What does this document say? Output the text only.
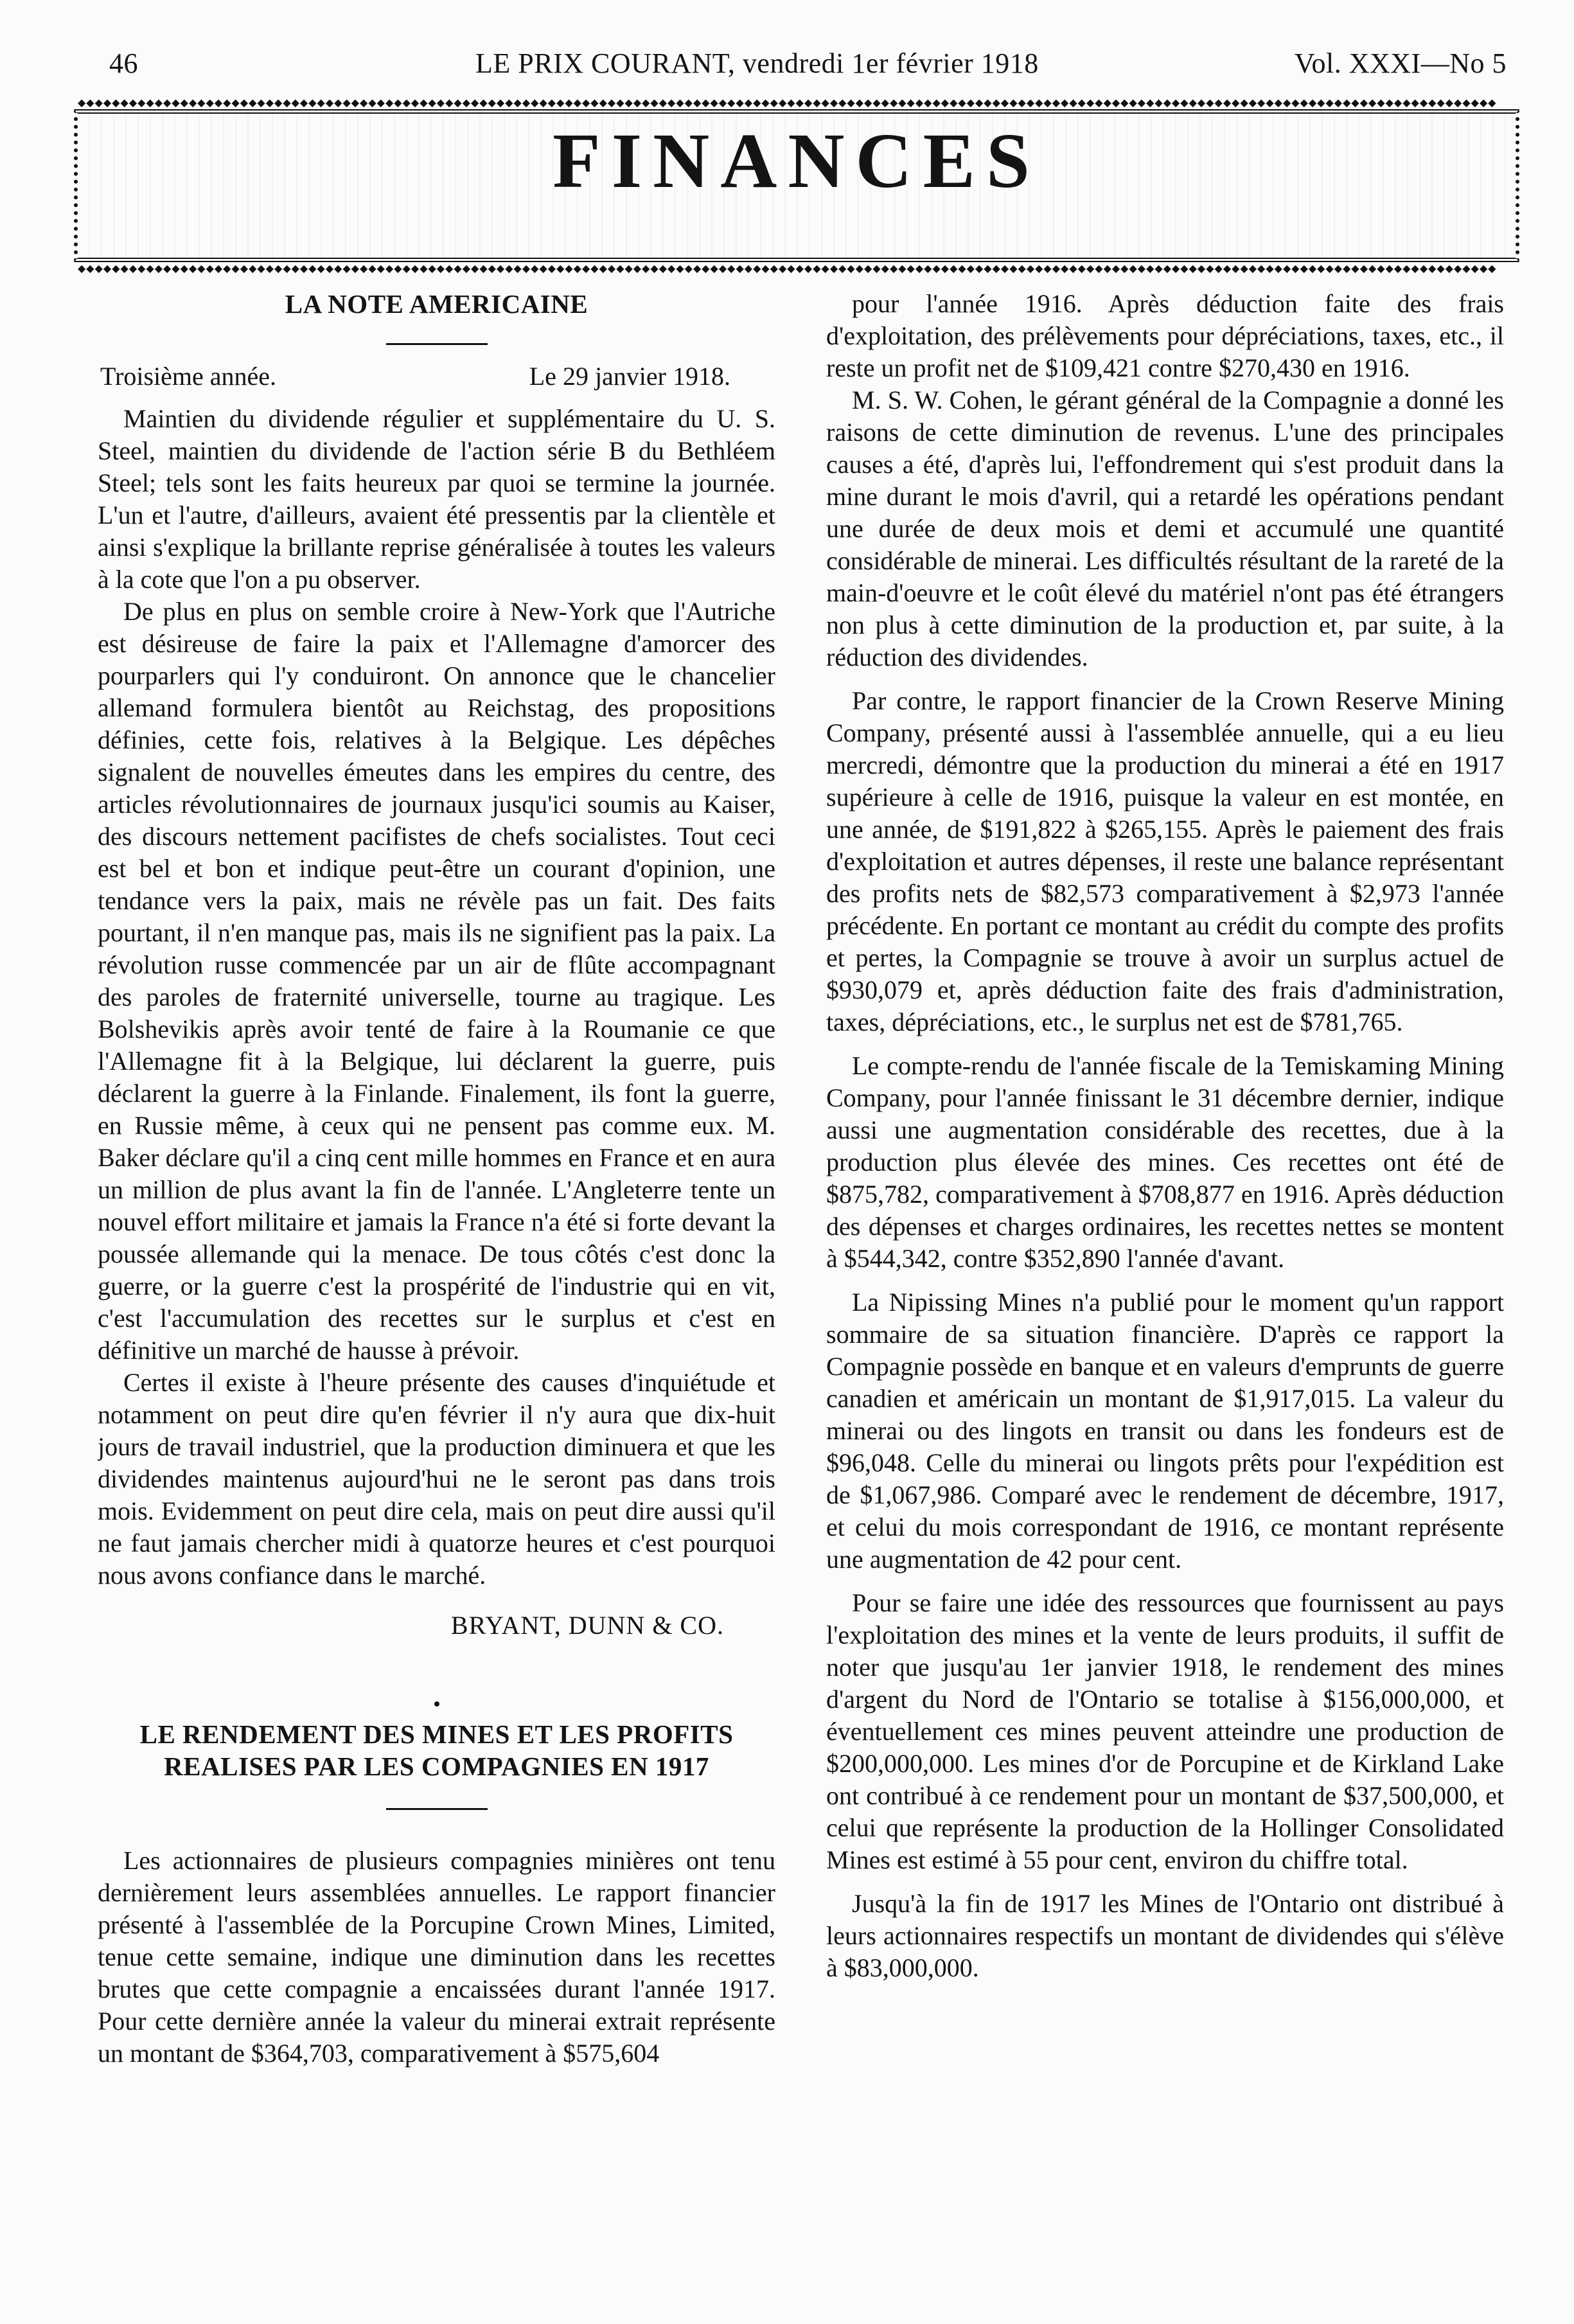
46	LE PRIX COURANT, vendredi 1er février 1918	Vol. XXXI—No 5
◆◆◆◆◆◆◆◆◆◆◆◆◆◆◆◆◆◆◆◆◆◆◆◆◆◆◆◆◆◆◆◆◆◆◆◆◆◆◆◆◆◆◆◆◆◆◆◆◆◆◆◆◆◆◆◆◆◆◆◆◆◆◆◆◆◆◆◆◆◆◆◆◆◆◆◆◆◆◆◆◆◆◆◆◆◆◆◆◆◆◆◆◆◆◆◆◆◆◆◆◆◆◆◆◆◆◆◆◆◆◆◆◆◆◆◆◆◆◆◆◆◆◆◆◆◆◆◆◆◆◆◆◆◆◆◆◆◆◆◆◆◆◆◆◆◆◆◆◆◆◆◆◆◆◆◆◆◆◆◆◆◆◆◆◆◆
FINANCES
◆◆◆◆◆◆◆◆◆◆◆◆◆◆◆◆◆◆◆◆◆◆◆◆◆◆◆◆◆◆◆◆◆◆◆◆◆◆◆◆◆◆◆◆◆◆◆◆◆◆◆◆◆◆◆◆◆◆◆◆◆◆◆◆◆◆◆◆◆◆◆◆◆◆◆◆◆◆◆◆◆◆◆◆◆◆◆◆◆◆◆◆◆◆◆◆◆◆◆◆◆◆◆◆◆◆◆◆◆◆◆◆◆◆◆◆◆◆◆◆◆◆◆◆◆◆◆◆◆◆◆◆◆◆◆◆◆◆◆◆◆◆◆◆◆◆◆◆◆◆◆◆◆◆◆◆◆◆◆◆◆◆◆◆◆◆
LA NOTE AMERICAINE
Troisième année.	Le 29 janvier 1918.

Maintien du dividende régulier et supplémentaire du U. S. Steel, maintien du dividende de l'action série B du Bethléem Steel; tels sont les faits heureux par quoi se termine la journée. L'un et l'autre, d'ailleurs, avaient été pressentis par la clientèle et ainsi s'explique la brillante reprise généralisée à toutes les valeurs à la cote que l'on a pu observer.

De plus en plus on semble croire à New-York que l'Autriche est désireuse de faire la paix et l'Allemagne d'amorcer des pourparlers qui l'y conduiront. On annonce que le chancelier allemand formulera bientôt au Reichstag, des propositions définies, cette fois, relatives à la Belgique. Les dépêches signalent de nouvelles émeutes dans les empires du centre, des articles révolutionnaires de journaux jusqu'ici soumis au Kaiser, des discours nettement pacifistes de chefs socialistes. Tout ceci est bel et bon et indique peut-être un courant d'opinion, une tendance vers la paix, mais ne révèle pas un fait. Des faits pourtant, il n'en manque pas, mais ils ne signifient pas la paix. La révolution russe commencée par un air de flûte accompagnant des paroles de fraternité universelle, tourne au tragique. Les Bolshevikis après avoir tenté de faire à la Roumanie ce que l'Allemagne fit à la Belgique, lui déclarent la guerre, puis déclarent la guerre à la Finlande. Finalement, ils font la guerre, en Russie même, à ceux qui ne pensent pas comme eux. M. Baker déclare qu'il a cinq cent mille hommes en France et en aura un million de plus avant la fin de l'année. L'Angleterre tente un nouvel effort militaire et jamais la France n'a été si forte devant la poussée allemande qui la menace. De tous côtés c'est donc la guerre, or la guerre c'est la prospérité de l'industrie qui en vit, c'est l'accumulation des recettes sur le surplus et c'est en définitive un marché de hausse à prévoir.

Certes il existe à l'heure présente des causes d'inquiétude et notamment on peut dire qu'en février il n'y aura que dix-huit jours de travail industriel, que la production diminuera et que les dividendes maintenus aujourd'hui ne le seront pas dans trois mois. Evidemment on peut dire cela, mais on peut dire aussi qu'il ne faut jamais chercher midi à quatorze heures et c'est pourquoi nous avons confiance dans le marché.

BRYANT, DUNN & CO.
LE RENDEMENT DES MINES ET LES PROFITS
REALISES PAR LES COMPAGNIES EN 1917

Les actionnaires de plusieurs compagnies minières ont tenu dernièrement leurs assemblées annuelles. Le rapport financier présenté à l'assemblée de la Porcupine Crown Mines, Limited, tenue cette semaine, indique une diminution dans les recettes brutes que cette compagnie a encaissées durant l'année 1917. Pour cette dernière année la valeur du minerai extrait représente un montant de $364,703, comparativement à $575,604

pour l'année 1916. Après déduction faite des frais d'exploitation, des prélèvements pour dépréciations, taxes, etc., il reste un profit net de $109,421 contre $270,430 en 1916.

M. S. W. Cohen, le gérant général de la Compagnie a donné les raisons de cette diminution de revenus. L'une des principales causes a été, d'après lui, l'effondrement qui s'est produit dans la mine durant le mois d'avril, qui a retardé les opérations pendant une durée de deux mois et demi et accumulé une quantité considérable de minerai. Les difficultés résultant de la rareté de la main-d'oeuvre et le coût élevé du matériel n'ont pas été étrangers non plus à cette diminution de la production et, par suite, à la réduction des dividendes.

Par contre, le rapport financier de la Crown Reserve Mining Company, présenté aussi à l'assemblée annuelle, qui a eu lieu mercredi, démontre que la production du minerai a été en 1917 supérieure à celle de 1916, puisque la valeur en est montée, en une année, de $191,822 à $265,155. Après le paiement des frais d'exploitation et autres dépenses, il reste une balance représentant des profits nets de $82,573 comparativement à $2,973 l'année précédente. En portant ce montant au crédit du compte des profits et pertes, la Compagnie se trouve à avoir un surplus actuel de $930,079 et, après déduction faite des frais d'administration, taxes, dépréciations, etc., le surplus net est de $781,765.

Le compte-rendu de l'année fiscale de la Temiskaming Mining Company, pour l'année finissant le 31 décembre dernier, indique aussi une augmentation considérable des recettes, due à la production plus élevée des mines. Ces recettes ont été de $875,782, comparativement à $708,877 en 1916. Après déduction des dépenses et charges ordinaires, les recettes nettes se montent à $544,342, contre $352,890 l'année d'avant.

La Nipissing Mines n'a publié pour le moment qu'un rapport sommaire de sa situation financière. D'après ce rapport la Compagnie possède en banque et en valeurs d'emprunts de guerre canadien et américain un montant de $1,917,015. La valeur du minerai ou des lingots en transit ou dans les fondeurs est de $96,048. Celle du minerai ou lingots prêts pour l'expédition est de $1,067,986. Comparé avec le rendement de décembre, 1917, et celui du mois correspondant de 1916, ce montant représente une augmentation de 42 pour cent.

Pour se faire une idée des ressources que fournissent au pays l'exploitation des mines et la vente de leurs produits, il suffit de noter que jusqu'au 1er janvier 1918, le rendement des mines d'argent du Nord de l'Ontario se totalise à $156,000,000, et éventuellement ces mines peuvent atteindre une production de $200,000,000. Les mines d'or de Porcupine et de Kirkland Lake ont contribué à ce rendement pour un montant de $37,500,000, et celui que représente la production de la Hollinger Consolidated Mines est estimé à 55 pour cent, environ du chiffre total.

Jusqu'à la fin de 1917 les Mines de l'Ontario ont distribué à leurs actionnaires respectifs un montant de dividendes qui s'élève à $83,000,000.
